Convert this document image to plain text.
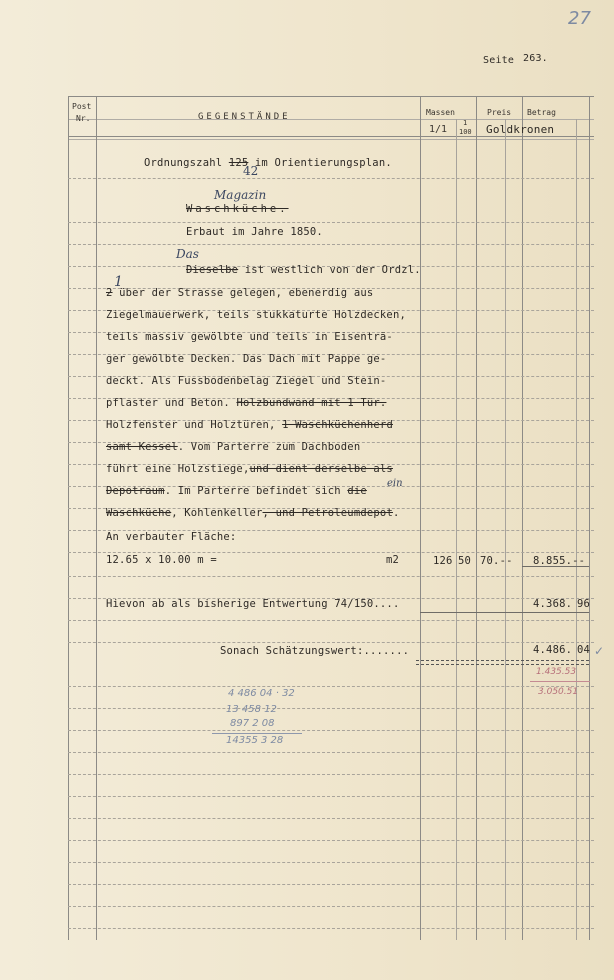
27
Seite 263.
Post
Nr.	GEGENSTÄNDE	Massen
1/1
1
100
Preis Betrag
Goldkronen
Ordnungszahl 125 im Orientierungsplan.
42
Magazin
Waschküche.
Erbaut im Jahre 1850.
Das
Dieselbe ist westlich von der Ordzl.
1
2 über der Strasse gelegen, ebenerdig aus
Ziegelmauerwerk, teils stukkaturte Holzdecken,
teils massiv gewölbte und teils in Eisenträ-
ger gewölbte Decken. Das Dach mit Pappe ge-
deckt. Als Fussbodenbelag Ziegel und Stein-
pflaster und Beton. Holzbundwand mit 1 Tür.
Holzfenster und Holztüren, 1 Waschküchenherd
samt Kessel. Vom Parterre zum Dachboden
führt eine Holzstiege,und dient derselbe als
Depotraum. Im Parterre befindet sich die
ein
Waschküche, Kohlenkeller, und Petroleumdepot.
An verbauter Fläche:
12.65 x 10.00 m =	m2	126 50 70.-- 8.855.--
Hievon ab als bisherige Entwertung 74/150....	4.368. 96
Sonach Schätzungswert:.......	4.486. 04 ✓
1.435.53
3.050.51
4 486 04 · 32
13 458 12
897 2 08
14355 3 28
